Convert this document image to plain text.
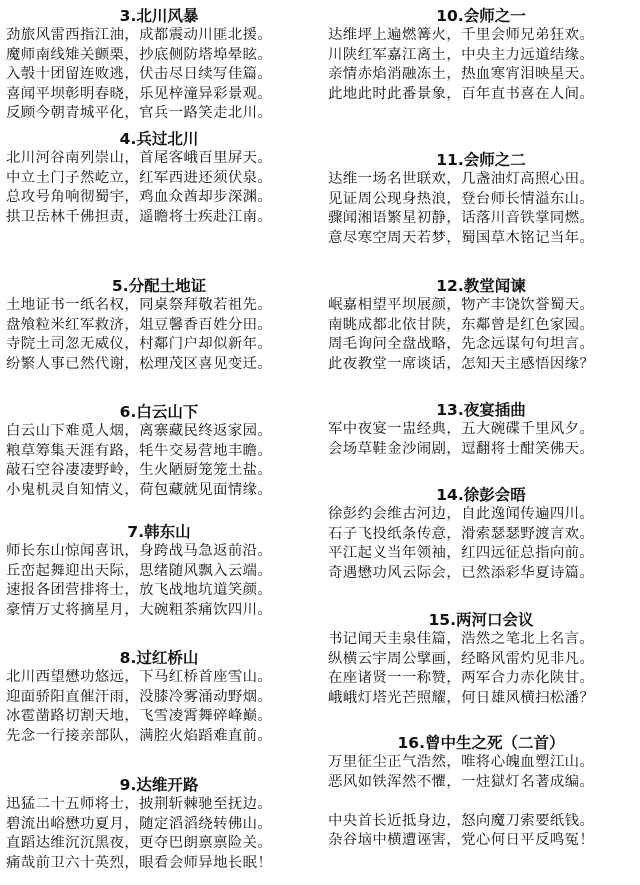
3.北川风暴
劲旅风雷西指江油，成都震动川匪北援。
魔师南线雉关颤栗，抄底侧防塔埠晕眩。
入彀十团留连败逃，伏击尽日续写佳篇。
喜闻平坝彰明春晓，乐见梓潼异彩景观。
反顾今朝青城平化，官兵一路笑走北川。
4.兵过北川
北川河谷南列崇山，首尾客峨百里屏天。
中立土门子然屹立，红军西进还须伏泉。
总攻号角响彻蜀宇，鸡血众酋却步深渊。
拱卫岳林千佛担责，遥瞻将士疾赴江南。
5.分配土地证
土地证书一纸名权，同桌祭拜敬若祖先。
盘飧粒米红军救济，俎豆馨香百姓分田。
寺院土司忽无威仪，村鄰门户却似新年。
纷繁人事已然代谢，松理茂区喜见变迁。
6.白云山下
白云山下难觅人烟，离寨藏民终返家园。
粮草筹集天涯有路，牦牛交易营地丰瞻。
敲石空谷凄凄野岭，生火陋厨笼笼土盐。
小鬼机灵自知情义，荷包藏就见面情缘。
7.韩东山
师长东山惊闻喜讯，身跨战马急返前沿。
丘峦起舞迎出天际，思绪随风飘入云端。
速报各团营排将士，放飞战地坑道笑颜。
豪情万丈将摘星月，大碗粗茶痛饮四川。
8.过红桥山
北川西望懋功悠远，下马红桥首座雪山。
迎面骄阳直催汗雨，没膝冷雾涌动野烟。
冰雹凿路切割天地，飞雪凌霄舞碎峰巅。
先念一行接亲部队，满腔火焰蹈难直前。
9.达维开路
迅猛二十五师将士，披荆斩棘驰至抚边。
碧流出峪懋功夏月，随定滔滔绕转佛山。
直蹈达维沉沉黑夜，更夺巴朗禀禀险关。
痛哉前卫六十英烈，眼看会师异地长眠！
10.会师之一
达维坪上遍燃篝火，千里会师兄弟狂欢。
川陕红军嘉江离土，中央主力远道结缘。
亲情赤焰消融冻土，热血寒宵泪映星天。
此地此时此番景象，百年直书喜在人间。
11.会师之二
达维一场名世联欢，几盏油灯高照心田。
见证周公现身热浪，登台师长情溢东山。
骤闻湘语繁星初静，话落川音铁掌同燃。
意尽寒空周天若梦，蜀国草木铭记当年。
12.教堂闻谏
岷嘉相望平坝展颜，物产丰饶饮誉蜀天。
南眺成都北依甘陕，东鄰曾是红色家园。
周毛询问全盘战略，先念远谋句句坦言。
此夜教堂一席谈话，怎知天主感悟因缘？
13.夜宴插曲
军中夜宴一盅经典，五大碗碟千里风夕。
会场草鞋金沙闹剧，逗翻将士酣笑佛天。
14.徐彭会晤
徐彭约会维古河边，自此逸闻传遍四川。
石子飞投纸条传意，滑索瑟瑟野渡言欢。
平江起义当年领袖，红四远征总指向前。
奇遇懋功风云际会，已然添彩华夏诗篇。
15.两河口会议
书记闻天圭泉佳篇，浩然之笔北上名言。
纵横云宇周公擘画，经略风雷灼见非凡。
在座诸贤一一称赞，两军合力赤化陕甘。
峨峨灯塔光芒照耀，何日雄风横扫松潘？
16.曾中生之死（二首）
万里征尘正气浩然，唯将心魄血塑江山。
恶风如铁浑然不懼，一炷獄灯名著成编。
中央首长近抵身边，怒向魔刀索要纸钱。
杂谷垴中横遭诬害，党心何日平反鸣冤！
